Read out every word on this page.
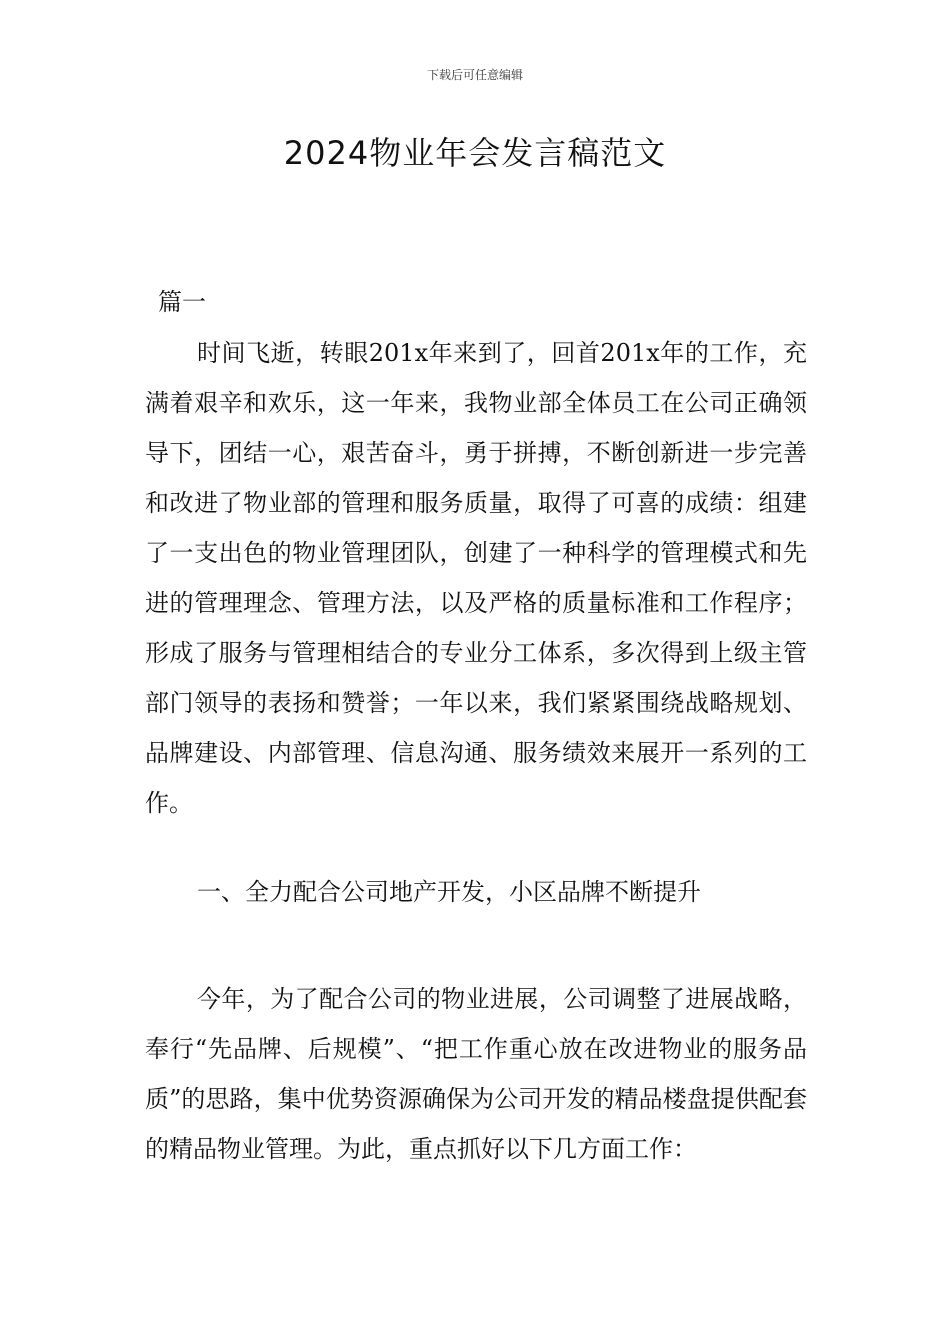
下载后可任意编辑
2024物业年会发言稿范文
篇一

时间飞逝，转眼201x年来到了，回首201x年的工作，充满着艰辛和欢乐，这一年来，我物业部全体员工在公司正确领导下，团结一心，艰苦奋斗，勇于拼搏，不断创新进一步完善和改进了物业部的管理和服务质量，取得了可喜的成绩：组建了一支出色的物业管理团队，创建了一种科学的管理模式和先进的管理理念、管理方法，以及严格的质量标准和工作程序；形成了服务与管理相结合的专业分工体系，多次得到上级主管部门领导的表扬和赞誉；一年以来，我们紧紧围绕战略规划、品牌建设、内部管理、信息沟通、服务绩效来展开一系列的工作。

一、全力配合公司地产开发，小区品牌不断提升

今年，为了配合公司的物业进展，公司调整了进展战略，奉行“先品牌、后规模”、“把工作重心放在改进物业的服务品质”的思路，集中优势资源确保为公司开发的精品楼盘提供配套的精品物业管理。为此，重点抓好以下几方面工作：
